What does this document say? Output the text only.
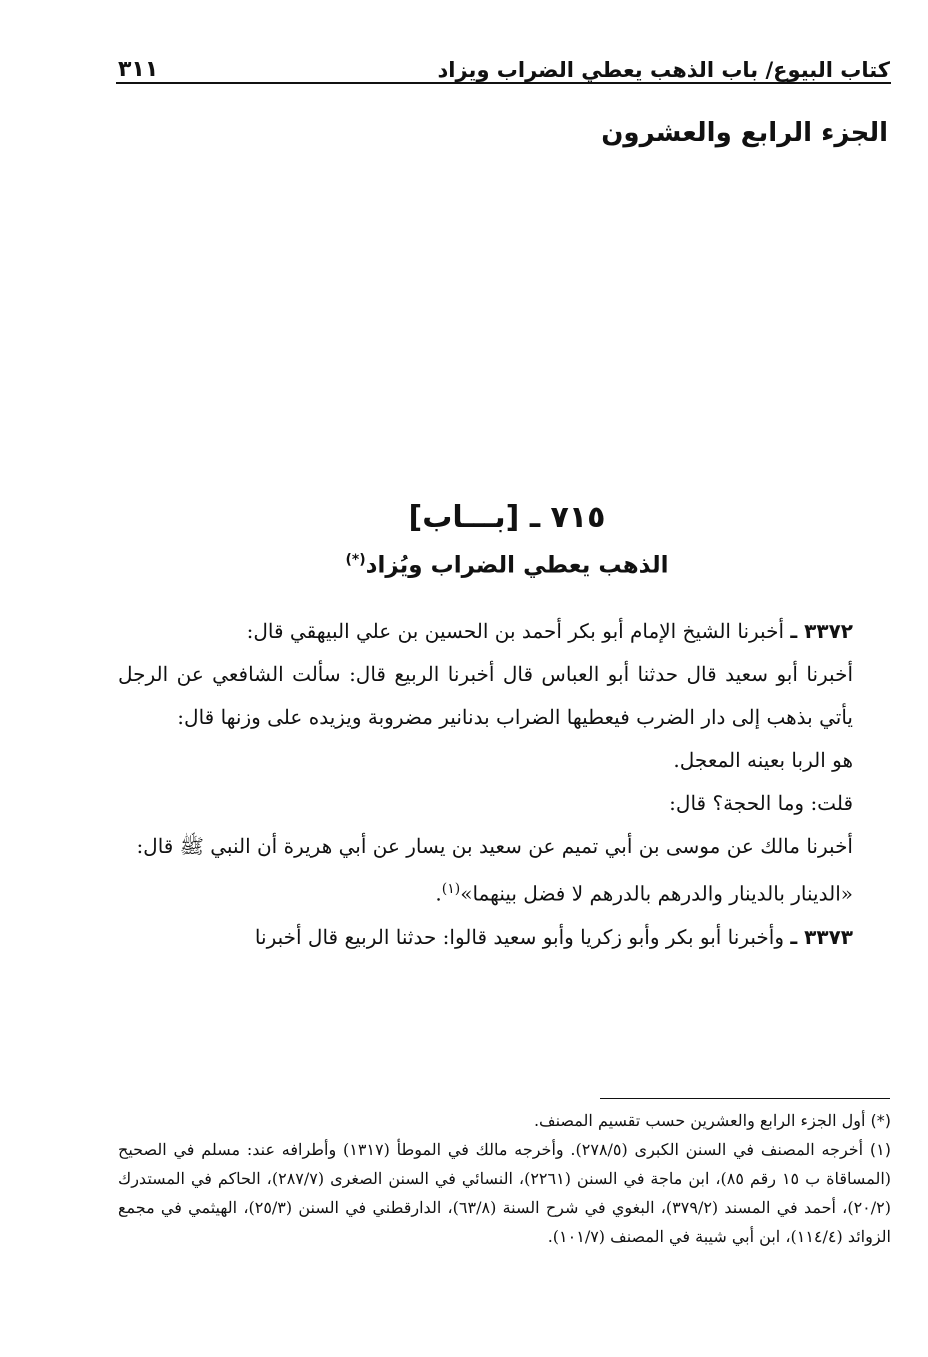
كتاب البيوع/ باب الذهب يعطي الضراب ويزاد
٣١١
الجزء الرابع والعشرون
٧١٥ ـ [بـــاب]
الذهب يعطي الضراب ويُزاد(*)

٣٣٧٢ ـ أخبرنا الشيخ الإمام أبو بكر أحمد بن الحسين بن علي البيهقي قال:

أخبرنا أبو سعيد قال حدثنا أبو العباس قال أخبرنا الربيع قال: سألت الشافعي عن الرجل يأتي بذهب إلى دار الضرب فيعطيها الضراب بدنانير مضروبة ويزيده على وزنها قال:

هو الربا بعينه المعجل.

قلت: وما الحجة؟ قال:

أخبرنا مالك عن موسى بن أبي تميم عن سعيد بن يسار عن أبي هريرة أن النبي ﷺ قال:

«الدينار بالدينار والدرهم بالدرهم لا فضل بينهما»$^{(١)}$.

٣٣٧٣ ـ وأخبرنا أبو بكر وأبو زكريا وأبو سعيد قالوا: حدثنا الربيع قال أخبرنا

(*) أول الجزء الرابع والعشرين حسب تقسيم المصنف.

(١) أخرجه المصنف في السنن الكبرى (٢٧٨/٥). وأخرجه مالك في الموطأ (١٣١٧) وأطرافه عند: مسلم في الصحيح (المساقاة ب ١٥ رقم ٨٥)، ابن ماجة في السنن (٢٢٦١)، النسائي في السنن الصغرى (٢٨٧/٧)، الحاكم في المستدرك (٢٠/٢)، أحمد في المسند (٣٧٩/٢)، البغوي في شرح السنة (٦٣/٨)، الدارقطني في السنن (٢٥/٣)، الهيثمي في مجمع الزوائد (١١٤/٤)، ابن أبي شيبة في المصنف (١٠١/٧).
